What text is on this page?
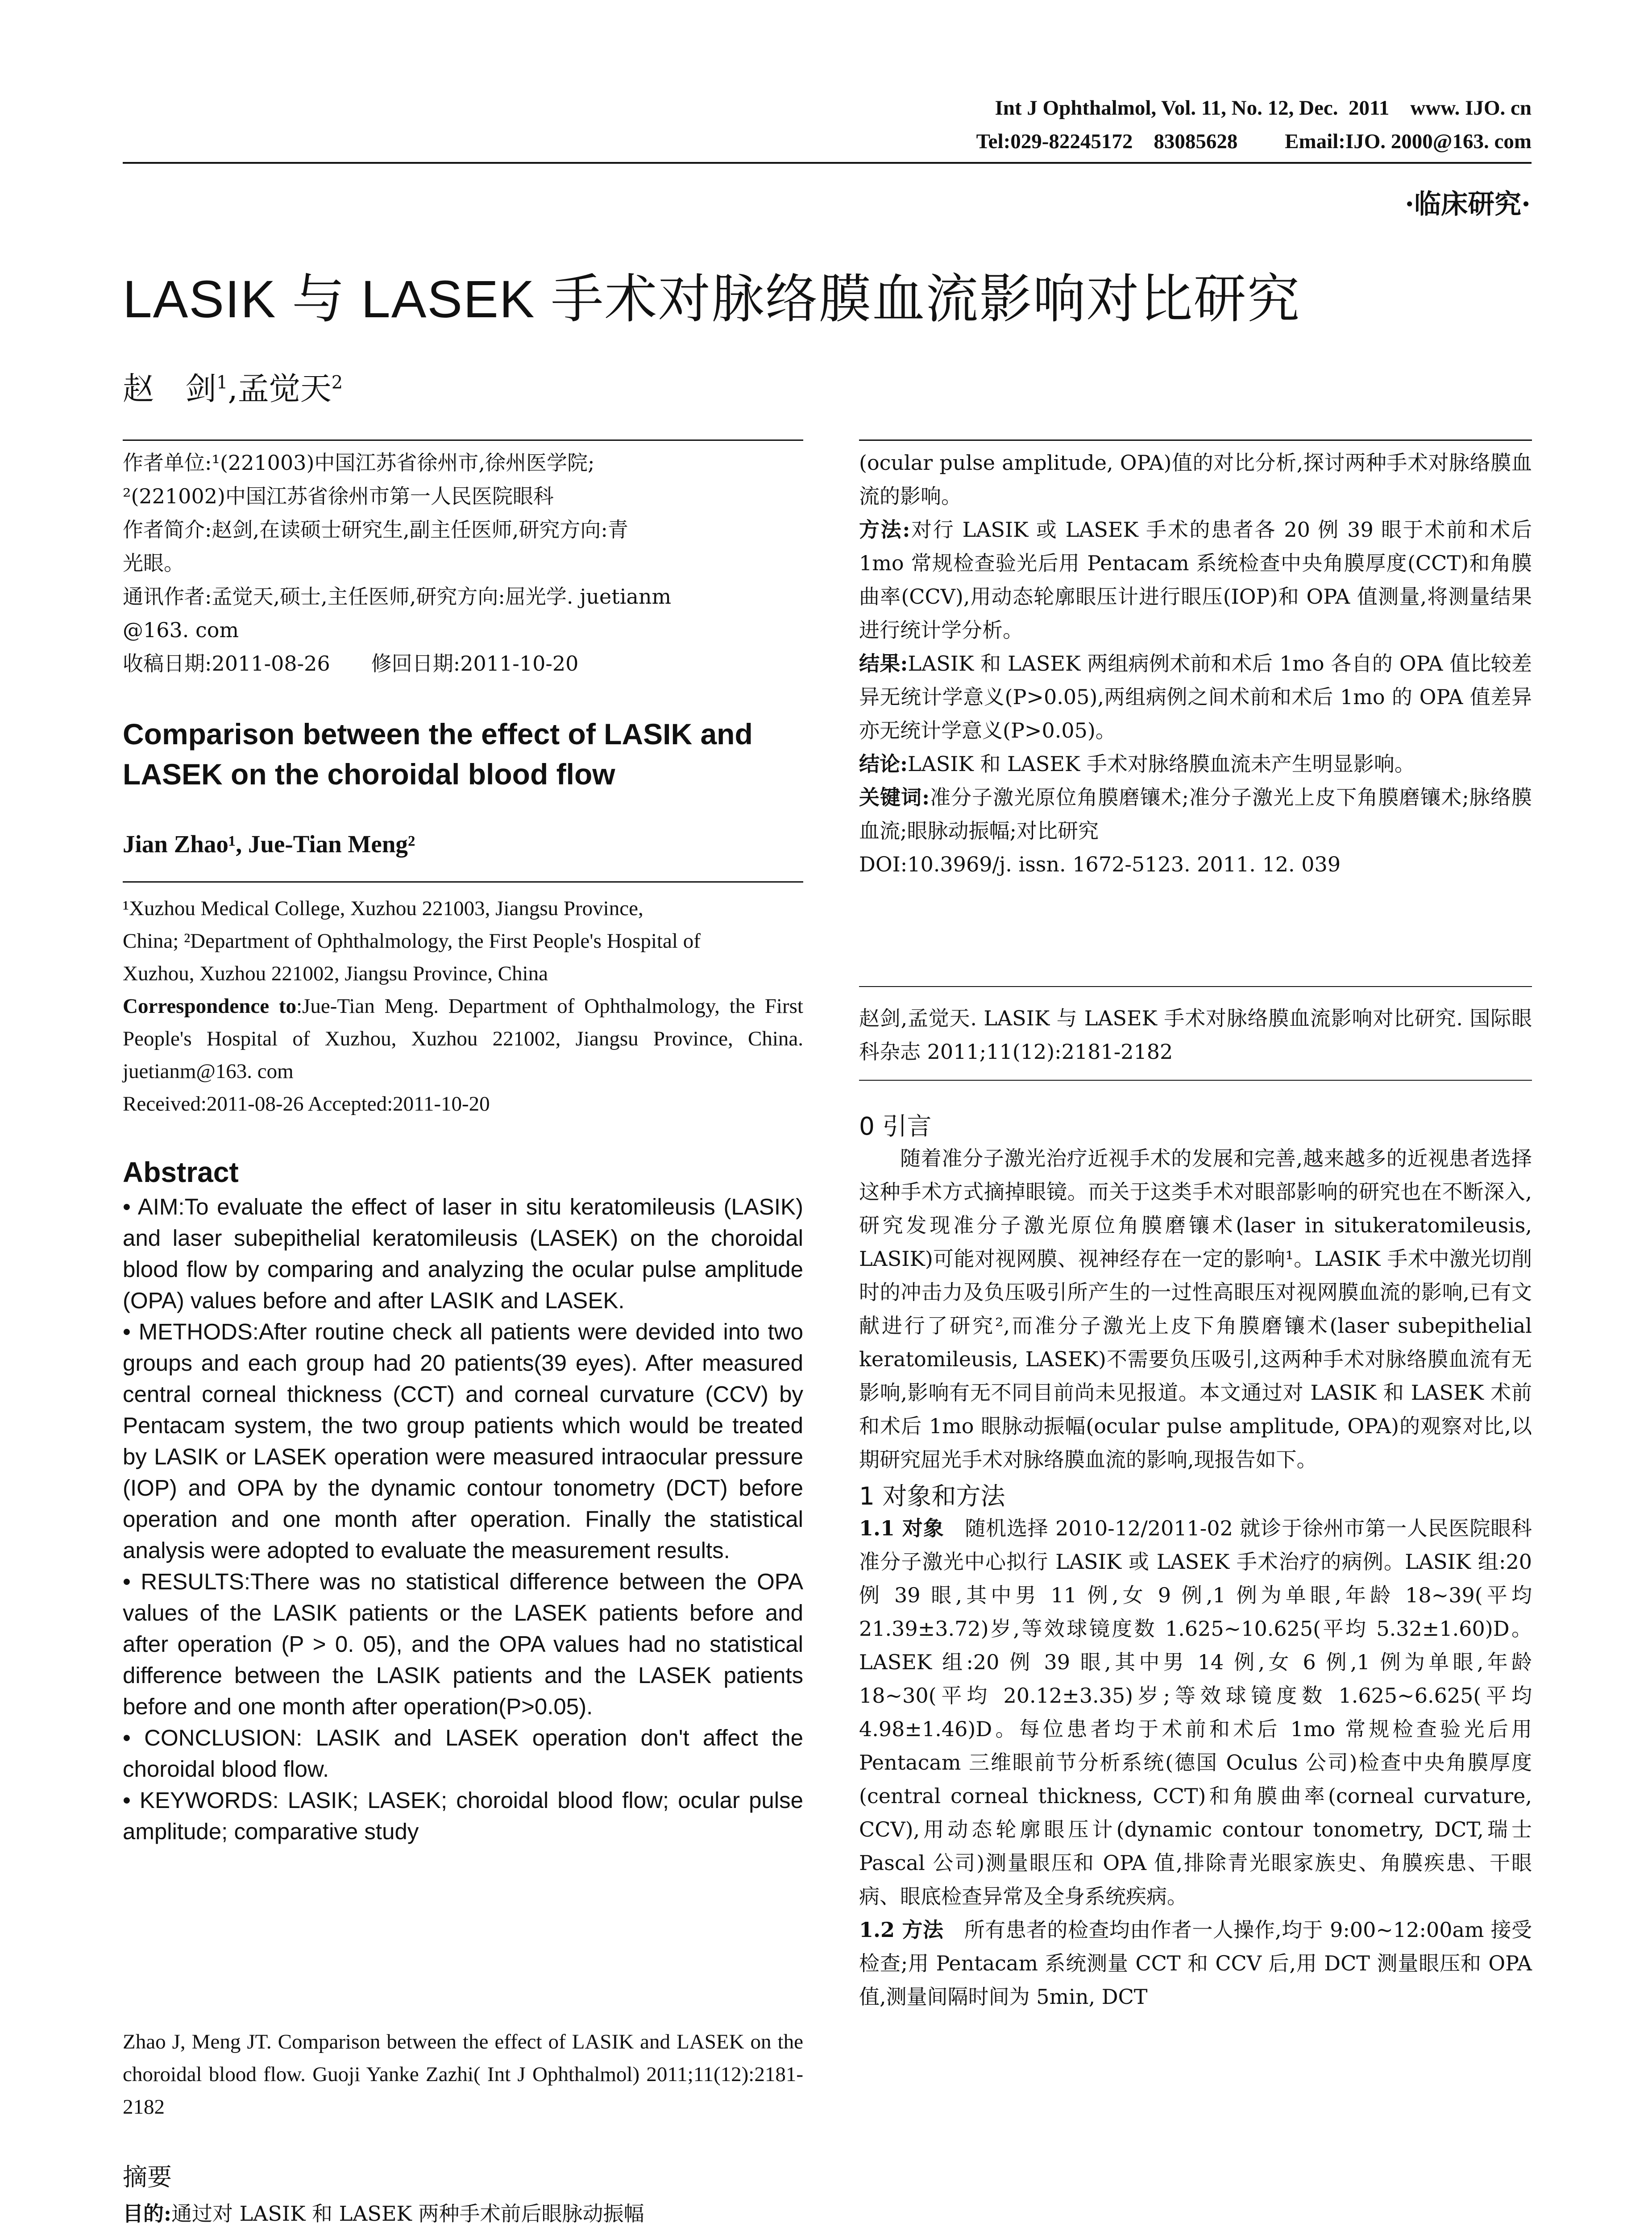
Int J Ophthalmol, Vol. 11, No. 12, Dec.  2011    www. IJO. cn
Tel:029-82245172    83085628         Email:IJO. 2000@163. com
·临床研究·
LASIK 与 LASEK 手术对脉络膜血流影响对比研究
赵　剑$^1$,孟觉天$^2$
作者单位:¹(221003)中国江苏省徐州市,徐州医学院;
²(221002)中国江苏省徐州市第一人民医院眼科
作者简介:赵剑,在读硕士研究生,副主任医师,研究方向:青
光眼。
通讯作者:孟觉天,硕士,主任医师,研究方向:屈光学. juetianm
@163. com
收稿日期:2011-08-26　　修回日期:2011-10-20
Comparison between the effect of LASIK and LASEK on the choroidal blood flow
Jian Zhao¹, Jue-Tian Meng²
¹Xuzhou Medical College, Xuzhou 221003, Jiangsu Province,
China; ²Department of Ophthalmology, the First People's Hospital of
Xuzhou, Xuzhou 221002, Jiangsu Province, China
Correspondence to:Jue-Tian Meng. Department of Ophthalmology, the First People's Hospital of Xuzhou, Xuzhou 221002, Jiangsu Province, China. juetianm@163. com
Received:2011-08-26 Accepted:2011-10-20
Abstract
• AIM:To evaluate the effect of laser in situ keratomileusis (LASIK) and laser subepithelial keratomileusis (LASEK) on the choroidal blood flow by comparing and analyzing the ocular pulse amplitude (OPA) values before and after LASIK and LASEK.
• METHODS:After routine check all patients were devided into two groups and each group had 20 patients(39 eyes). After measured central corneal thickness (CCT) and corneal curvature (CCV) by Pentacam system, the two group patients which would be treated by LASIK or LASEK operation were measured intraocular pressure (IOP) and OPA by the dynamic contour tonometry (DCT) before operation and one month after operation. Finally the statistical analysis were adopted to evaluate the measurement results.
• RESULTS:There was no statistical difference between the OPA values of the LASIK patients or the LASEK patients before and after operation (P > 0. 05), and the OPA values had no statistical difference between the LASIK patients and the LASEK patients before and one month after operation(P>0.05).
• CONCLUSION: LASIK and LASEK operation don't affect the choroidal blood flow.
• KEYWORDS: LASIK; LASEK; choroidal blood flow; ocular pulse amplitude; comparative study
Zhao J, Meng JT. Comparison between the effect of LASIK and LASEK on the choroidal blood flow. Guoji Yanke Zazhi( Int J Ophthalmol) 2011;11(12):2181-2182
摘要
目的:通过对 LASIK 和 LASEK 两种手术前后眼脉动振幅
(ocular pulse amplitude, OPA)值的对比分析,探讨两种手术对脉络膜血流的影响。
方法:对行 LASIK 或 LASEK 手术的患者各 20 例 39 眼于术前和术后 1mo 常规检查验光后用 Pentacam 系统检查中央角膜厚度(CCT)和角膜曲率(CCV),用动态轮廓眼压计进行眼压(IOP)和 OPA 值测量,将测量结果进行统计学分析。
结果:LASIK 和 LASEK 两组病例术前和术后 1mo 各自的 OPA 值比较差异无统计学意义(P>0.05),两组病例之间术前和术后 1mo 的 OPA 值差异亦无统计学意义(P>0.05)。
结论:LASIK 和 LASEK 手术对脉络膜血流未产生明显影响。
关键词:准分子激光原位角膜磨镶术;准分子激光上皮下角膜磨镶术;脉络膜血流;眼脉动振幅;对比研究
DOI:10.3969/j. issn. 1672-5123. 2011. 12. 039
赵剑,孟觉天. LASIK 与 LASEK 手术对脉络膜血流影响对比研究. 国际眼科杂志 2011;11(12):2181-2182
0 引言
随着准分子激光治疗近视手术的发展和完善,越来越多的近视患者选择这种手术方式摘掉眼镜。而关于这类手术对眼部影响的研究也在不断深入,研究发现准分子激光原位角膜磨镶术(laser in situkeratomileusis, LASIK)可能对视网膜、视神经存在一定的影响¹。LASIK 手术中激光切削时的冲击力及负压吸引所产生的一过性高眼压对视网膜血流的影响,已有文献进行了研究²,而准分子激光上皮下角膜磨镶术(laser subepithelial keratomileusis, LASEK)不需要负压吸引,这两种手术对脉络膜血流有无影响,影响有无不同目前尚未见报道。本文通过对 LASIK 和 LASEK 术前和术后 1mo 眼脉动振幅(ocular pulse amplitude, OPA)的观察对比,以期研究屈光手术对脉络膜血流的影响,现报告如下。
1 对象和方法
1.1 对象　 随机选择 2010-12/2011-02 就诊于徐州市第一人民医院眼科准分子激光中心拟行 LASIK 或 LASEK 手术治疗的病例。LASIK 组:20 例 39 眼,其中男 11 例,女 9 例,1 例为单眼,年龄 18~39(平均 21.39±3.72)岁,等效球镜度数 1.625~10.625(平均 5.32±1.60)D。LASEK 组:20 例 39 眼,其中男 14 例,女 6 例,1 例为单眼,年龄 18~30(平均 20.12±3.35)岁;等效球镜度数 1.625~6.625(平均 4.98±1.46)D。每位患者均于术前和术后 1mo 常规检查验光后用 Pentacam 三维眼前节分析系统(德国 Oculus 公司)检查中央角膜厚度(central corneal thickness, CCT)和角膜曲率(corneal curvature, CCV),用动态轮廓眼压计(dynamic contour tonometry, DCT,瑞士 Pascal 公司)测量眼压和 OPA 值,排除青光眼家族史、角膜疾患、干眼病、眼底检查异常及全身系统疾病。
1.2 方法　 所有患者的检查均由作者一人操作,均于 9:00~12:00am 接受检查;用 Pentacam 系统测量 CCT 和 CCV 后,用 DCT 测量眼压和 OPA 值,测量间隔时间为 5min, DCT
